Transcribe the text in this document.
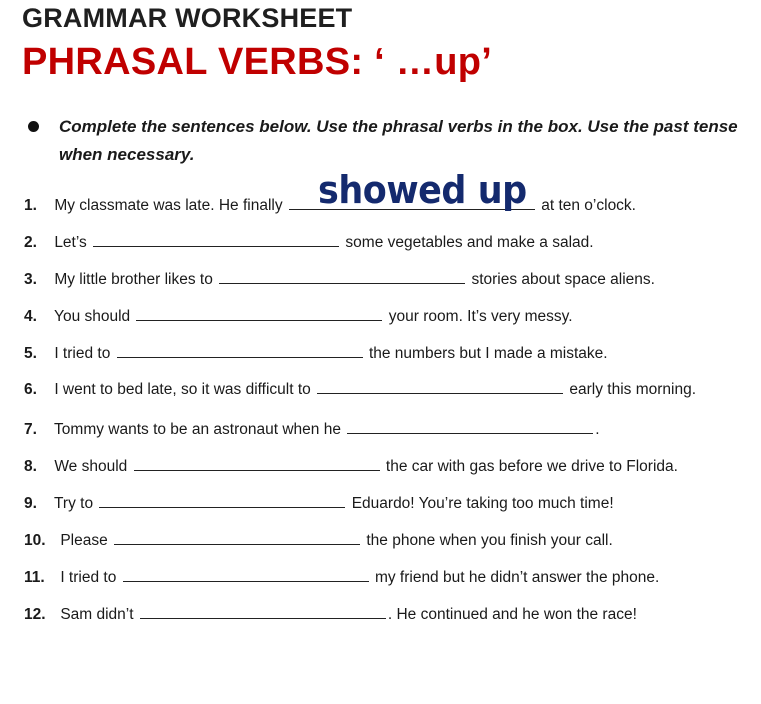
GRAMMAR WORKSHEET
PHRASAL VERBS: ‘ …up’
Complete the sentences below. Use the phrasal verbs in the box. Use the past tense when necessary.
1. My classmate was late. He finally	at ten o’clock.
2. Let’s	some vegetables and make a salad.
3. My little brother likes to	stories about space aliens.
4. You should	your room. It’s very messy.
5. I tried to	the numbers but I made a mistake.
6. I went to bed late, so it was difficult to	early this morning.
7. Tommy wants to be an astronaut when he	.
8. We should	the car with gas before we drive to Florida.
9. Try to	Eduardo! You’re taking too much time!
10. Please	the phone when you finish your call.
11. I tried to	my friend but he didn’t answer the phone.
12. Sam didn’t	. He continued and he won the race!
showed up
